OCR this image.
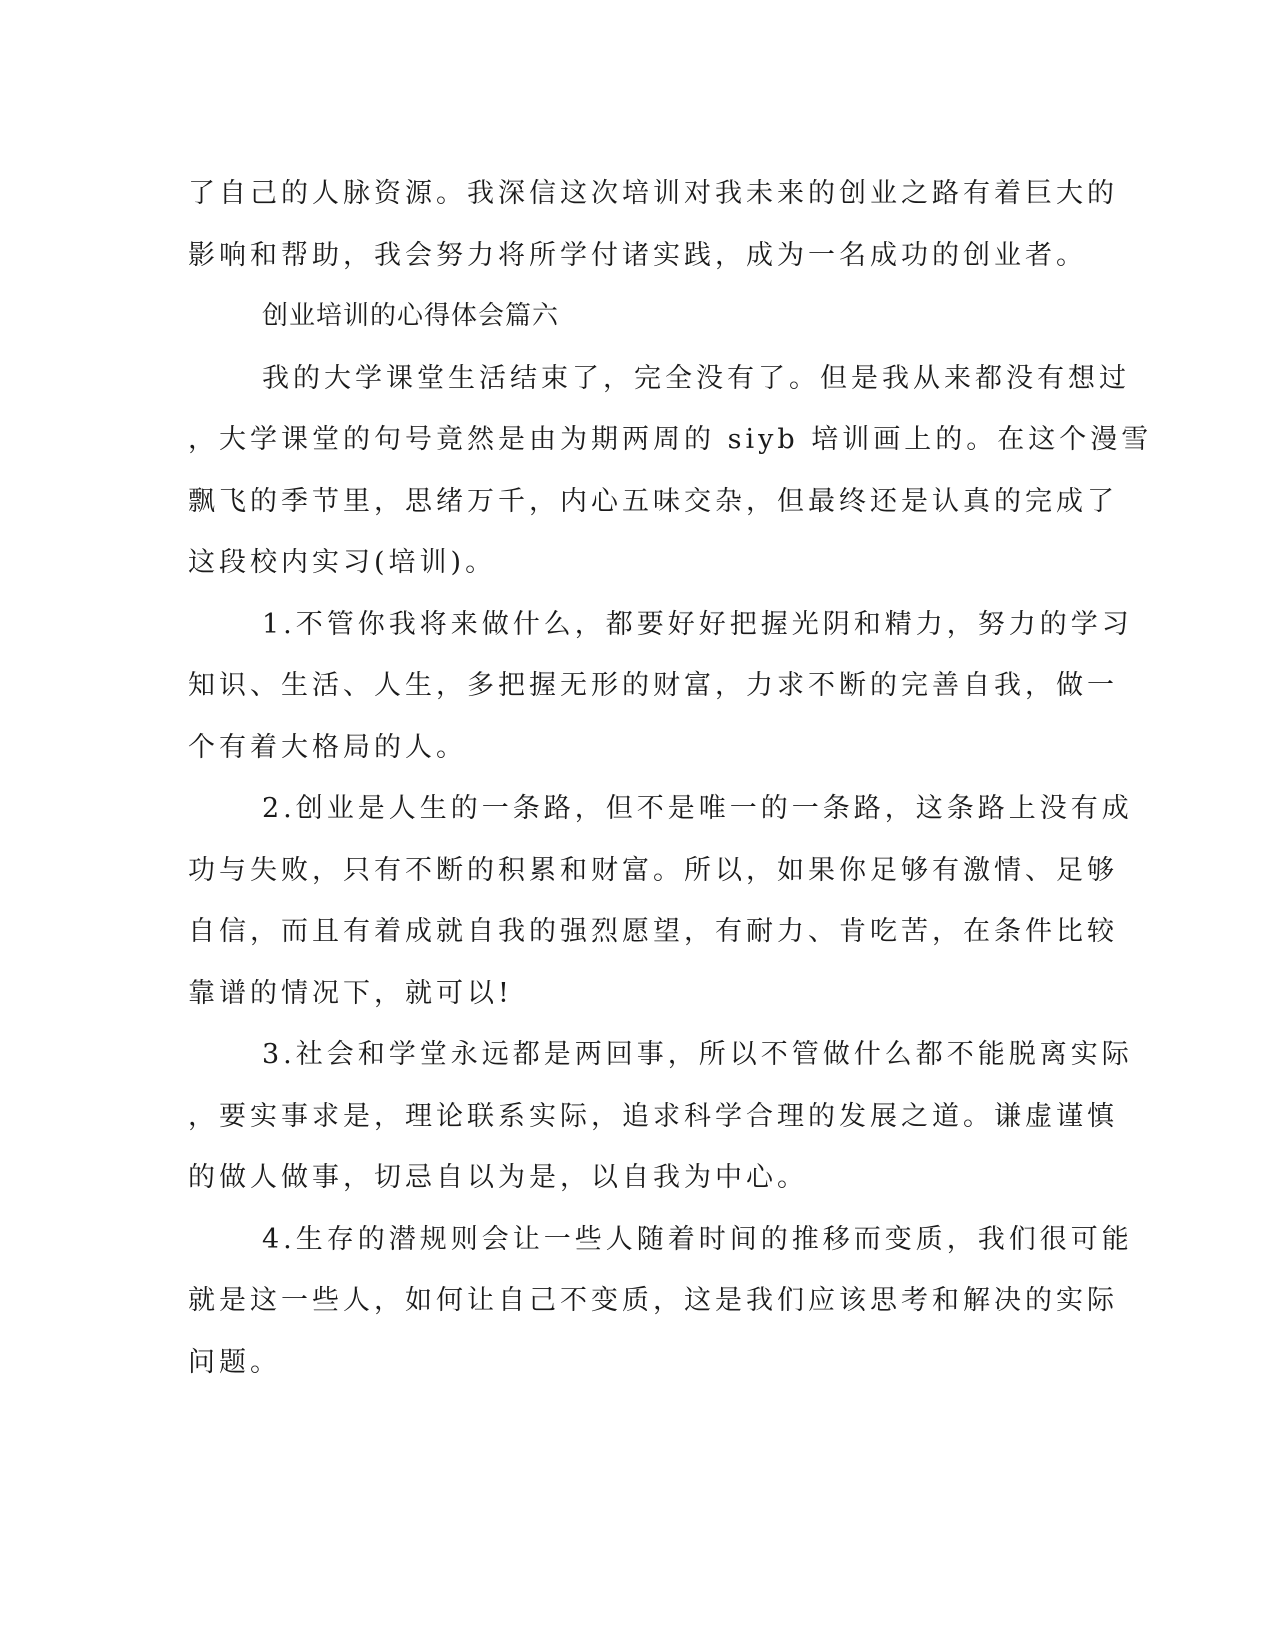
了自己的人脉资源。我深信这次培训对我未来的创业之路有着巨大的
影响和帮助，我会努力将所学付诸实践，成为一名成功的创业者。
创业培训的心得体会篇六
我的大学课堂生活结束了，完全没有了。但是我从来都没有想过
，大学课堂的句号竟然是由为期两周的 siyb 培训画上的。在这个漫雪
飘飞的季节里，思绪万千，内心五味交杂，但最终还是认真的完成了
这段校内实习(培训)。
1.不管你我将来做什么，都要好好把握光阴和精力，努力的学习
知识、生活、人生，多把握无形的财富，力求不断的完善自我，做一
个有着大格局的人。
2.创业是人生的一条路，但不是唯一的一条路，这条路上没有成
功与失败，只有不断的积累和财富。所以，如果你足够有激情、足够
自信，而且有着成就自我的强烈愿望，有耐力、肯吃苦，在条件比较
靠谱的情况下，就可以!
3.社会和学堂永远都是两回事，所以不管做什么都不能脱离实际
，要实事求是，理论联系实际，追求科学合理的发展之道。谦虚谨慎
的做人做事，切忌自以为是，以自我为中心。
4.生存的潜规则会让一些人随着时间的推移而变质，我们很可能
就是这一些人，如何让自己不变质，这是我们应该思考和解决的实际
问题。
